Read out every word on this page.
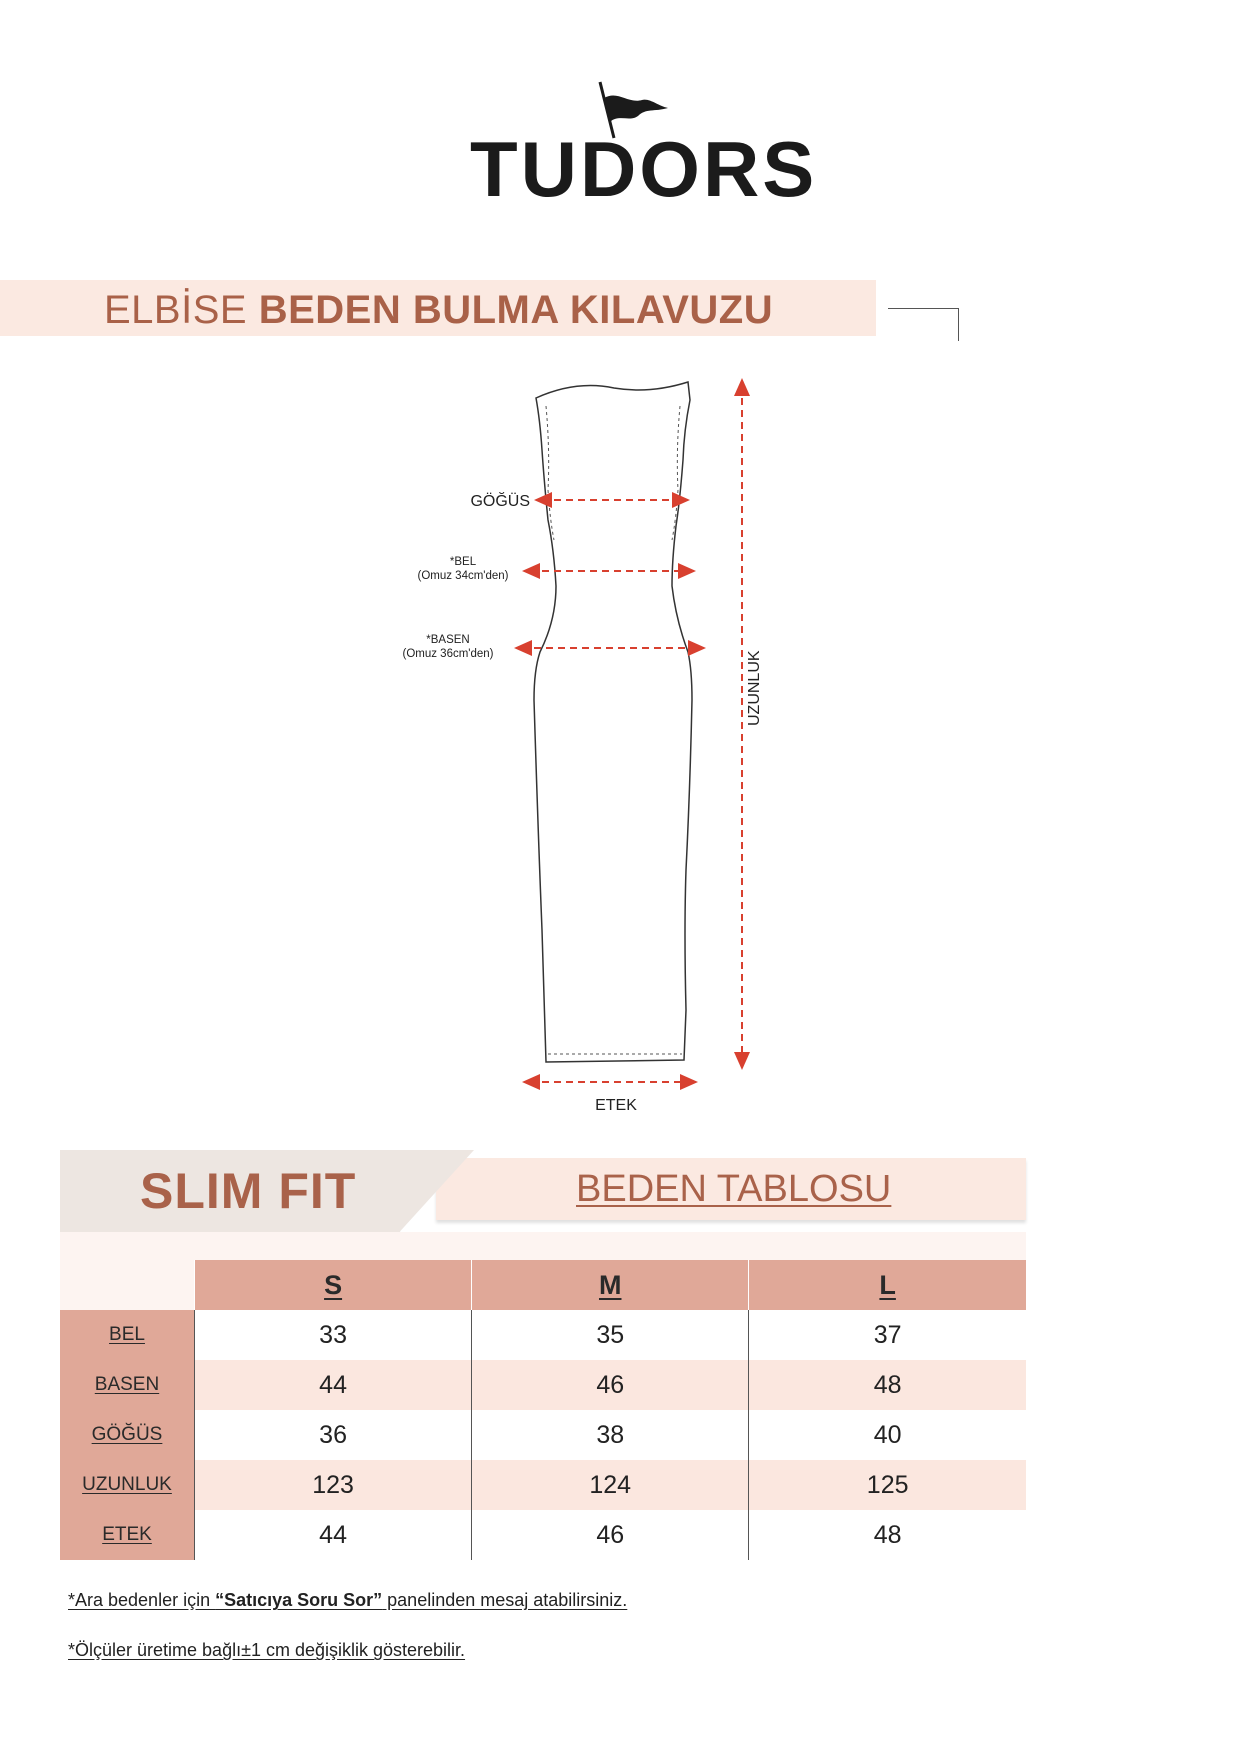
TUDORS
ELBİSE BEDEN BULMA KILAVUZU
GÖĞÜS
*BEL
(Omuz 34cm'den)
*BASEN
(Omuz 36cm'den)
ETEK
UZUNLUK
BEDEN TABLOSU
SLIM FIT
	S	M	L
BEL	33	35	37
BASEN	44	46	48
GÖĞÜS	36	38	40
UZUNLUK	123	124	125
ETEK	44	46	48
*Ara bedenler için “Satıcıya Soru Sor” panelinden mesaj atabilirsiniz.
*Ölçüler üretime bağlı±1 cm değişiklik gösterebilir.
